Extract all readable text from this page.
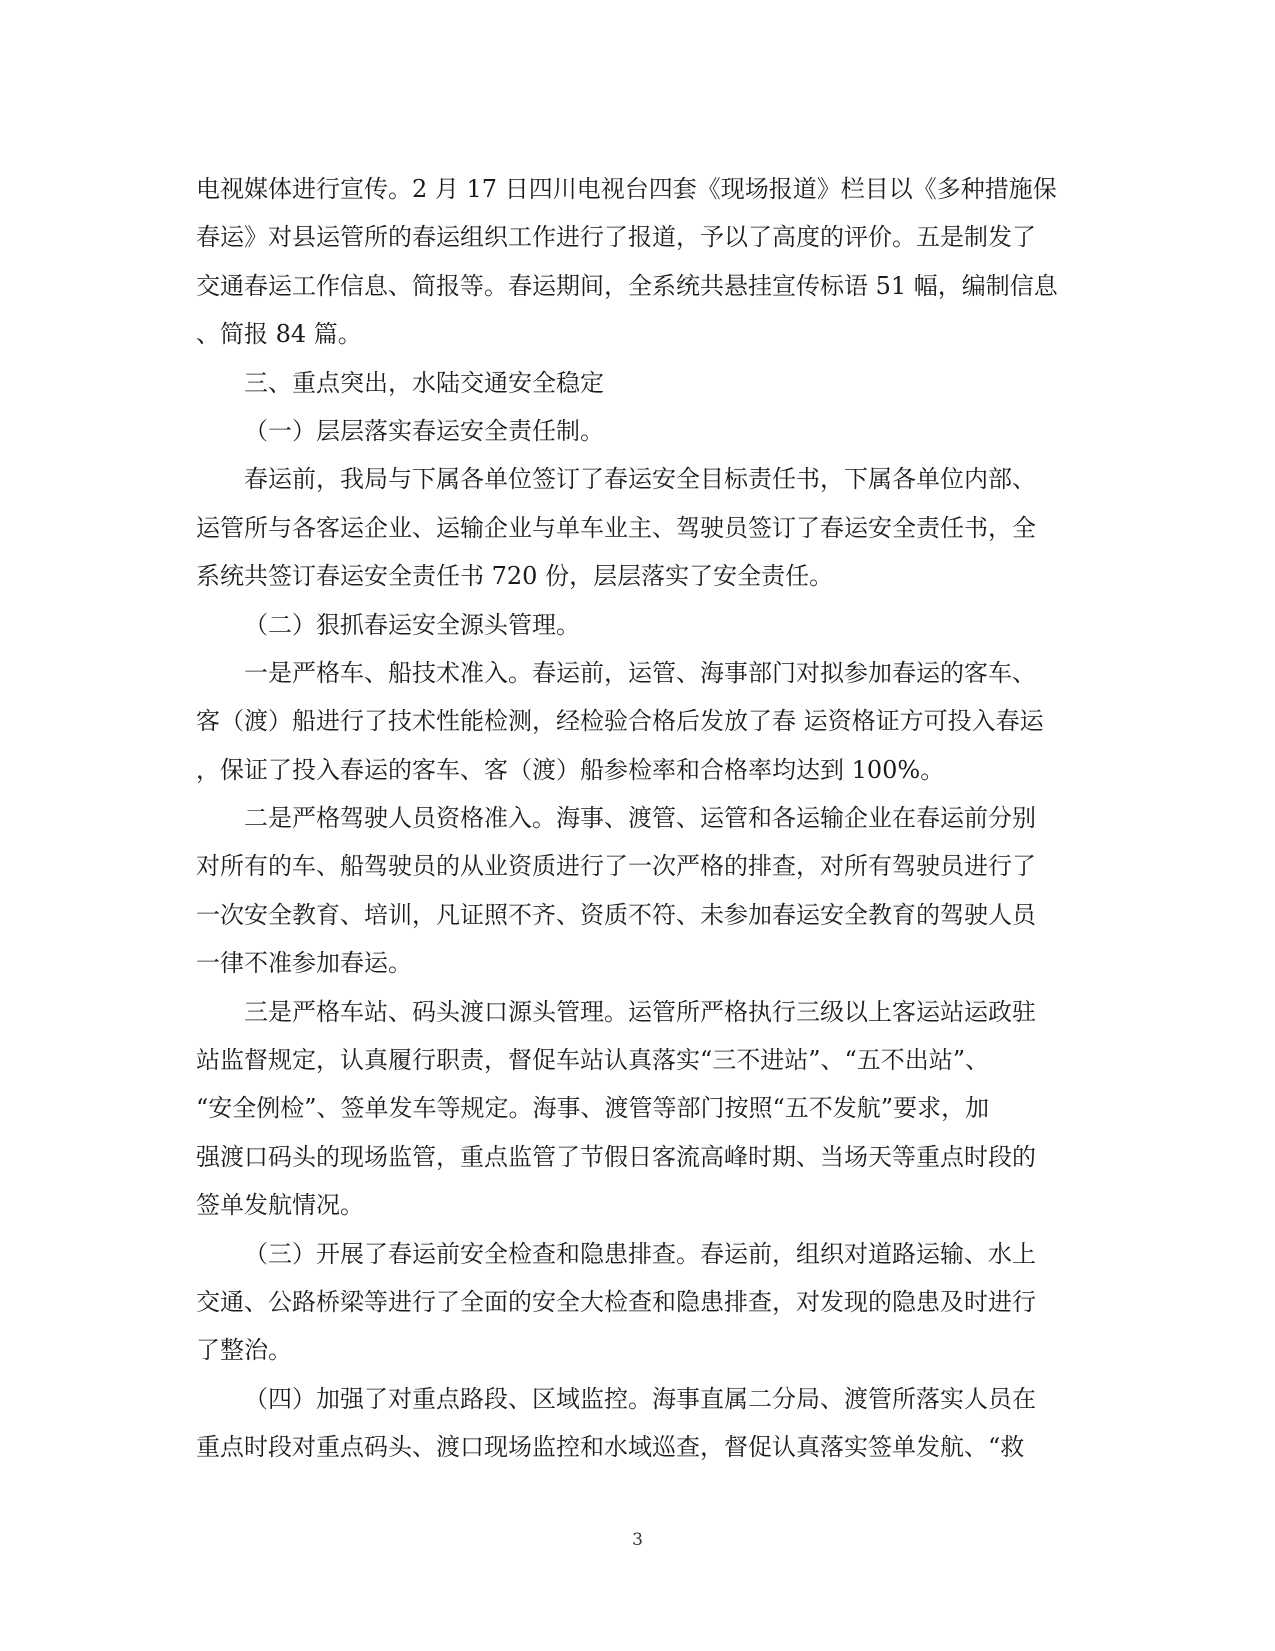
电视媒体进行宣传。2 月 17 日四川电视台四套《现场报道》栏目以《多种措施保
春运》对县运管所的春运组织工作进行了报道，予以了高度的评价。五是制发了
交通春运工作信息、简报等。春运期间，全系统共悬挂宣传标语 51 幅，编制信息
、简报 84 篇。
三、重点突出，水陆交通安全稳定
（一）层层落实春运安全责任制。
春运前，我局与下属各单位签订了春运安全目标责任书，下属各单位内部、
运管所与各客运企业、运输企业与单车业主、驾驶员签订了春运安全责任书，全
系统共签订春运安全责任书 720 份，层层落实了安全责任。
（二）狠抓春运安全源头管理。
一是严格车、船技术准入。春运前，运管、海事部门对拟参加春运的客车、
客（渡）船进行了技术性能检测，经检验合格后发放了春 运资格证方可投入春运
，保证了投入春运的客车、客（渡）船参检率和合格率均达到 100%。
二是严格驾驶人员资格准入。海事、渡管、运管和各运输企业在春运前分别
对所有的车、船驾驶员的从业资质进行了一次严格的排查，对所有驾驶员进行了
一次安全教育、培训，凡证照不齐、资质不符、未参加春运安全教育的驾驶人员
一律不准参加春运。
三是严格车站、码头渡口源头管理。运管所严格执行三级以上客运站运政驻
站监督规定，认真履行职责，督促车站认真落实“三不进站”、“五不出站”、
“安全例检”、签单发车等规定。海事、渡管等部门按照“五不发航”要求，加
强渡口码头的现场监管，重点监管了节假日客流高峰时期、当场天等重点时段的
签单发航情况。
（三）开展了春运前安全检查和隐患排查。春运前，组织对道路运输、水上
交通、公路桥梁等进行了全面的安全大检查和隐患排查，对发现的隐患及时进行
了整治。
（四）加强了对重点路段、区域监控。海事直属二分局、渡管所落实人员在
重点时段对重点码头、渡口现场监控和水域巡查，督促认真落实签单发航、“救
3
